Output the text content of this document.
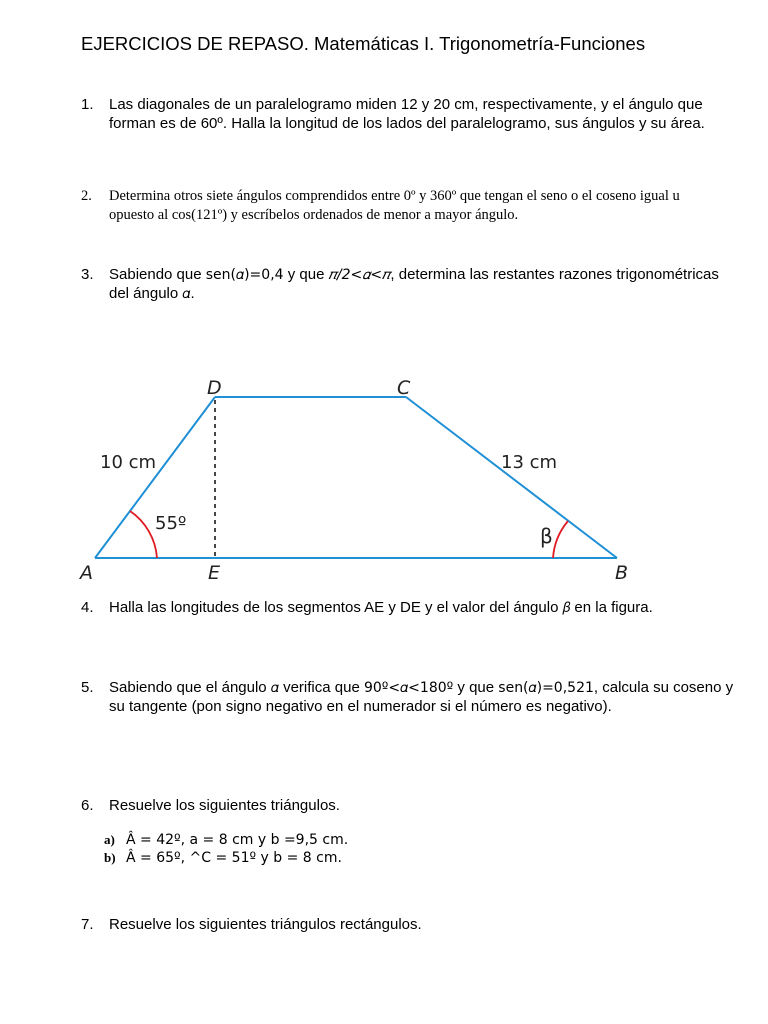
EJERCICIOS DE REPASO. Matemáticas I. Trigonometría-Funciones
1. Las diagonales de un paralelogramo miden 12 y 20 cm, respectivamente, y el ángulo que forman es de 60º. Halla la longitud de los lados del paralelogramo, sus ángulos y su área.
2. Determina otros siete ángulos comprendidos entre 0º y 360º que tengan el seno o el coseno igual u
opuesto al cos(121º) y escríbelos ordenados de menor a mayor ángulo.
3. Sabiendo que sen(𝛼)=0,4 y que 𝜋/2<𝛼<𝜋, determina las restantes razones trigonométricas del ángulo 𝛼.
D	C
A	E	B
10 cm	13 cm
55º
β
4. Halla las longitudes de los segmentos AE y DE y el valor del ángulo 𝛽 en la figura.
5. Sabiendo que el ángulo 𝛼 verifica que 90º<𝛼<180º y que sen(𝛼)=0,521, calcula su coseno y su tangente (pon signo negativo en el numerador si el número es negativo).
6. Resuelve los siguientes triángulos.
a) Â = 42º, a = 8 cm y b =9,5 cm.
b) Â = 65º, ^C = 51º y b = 8 cm.
7. Resuelve los siguientes triángulos rectángulos.
